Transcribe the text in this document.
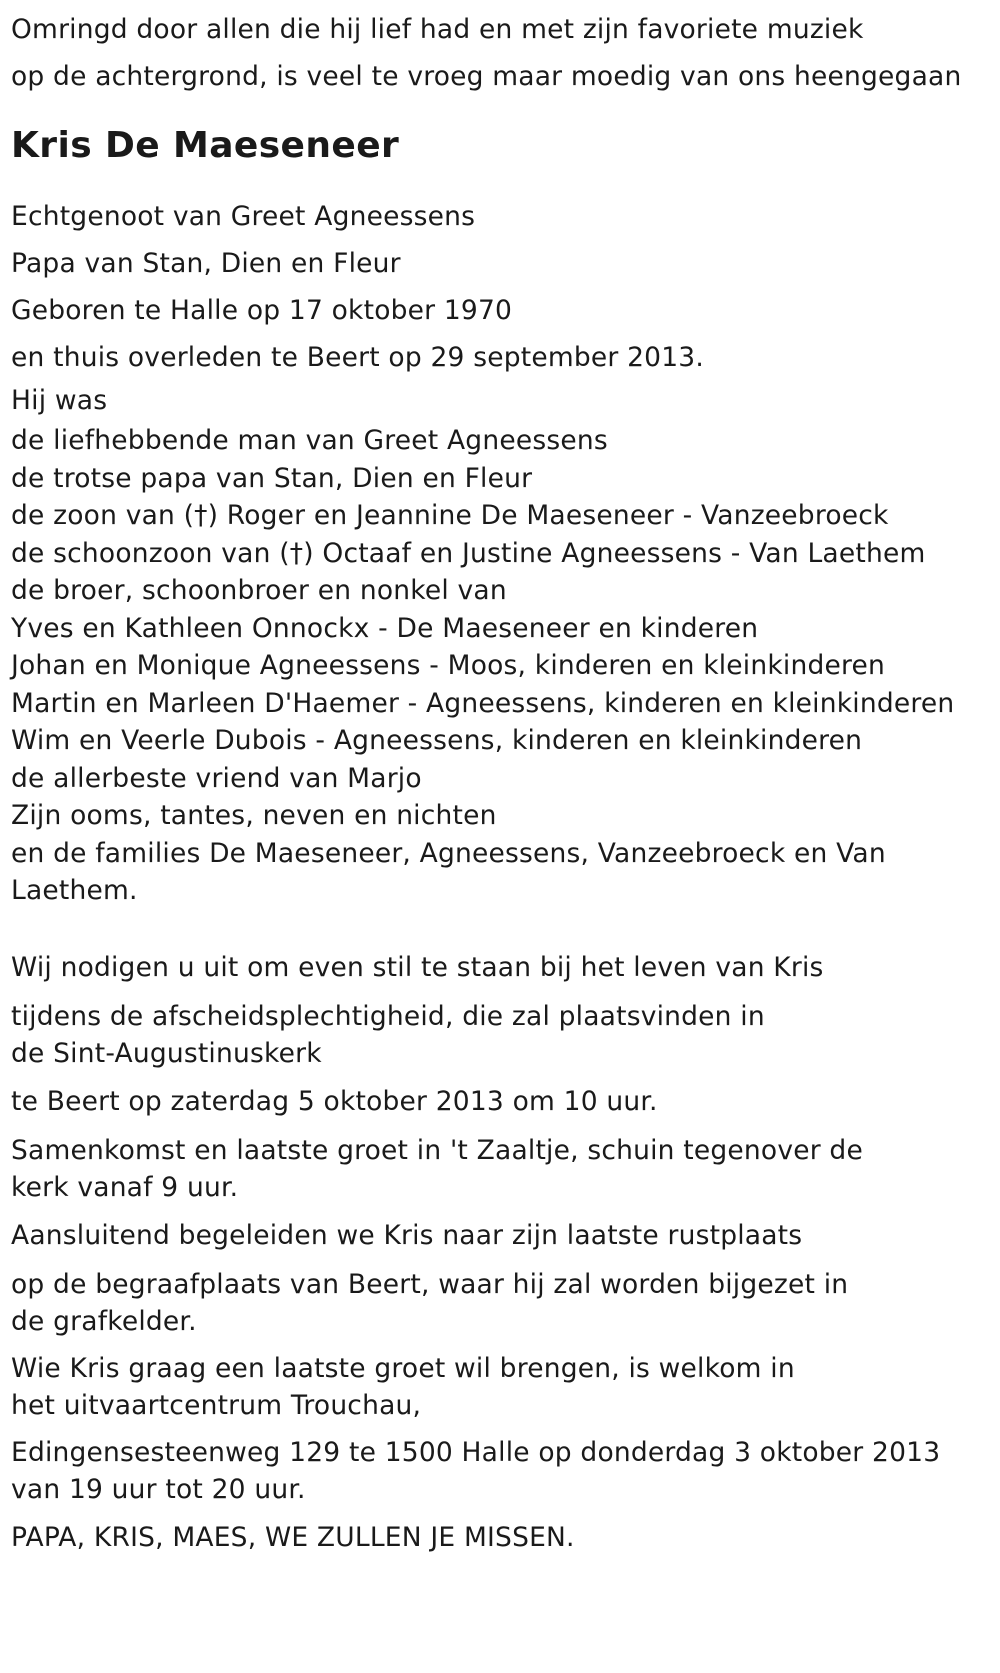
Omringd door allen die hij lief had en met zijn favoriete muziek
op de achtergrond, is veel te vroeg maar moedig van ons heengegaan
Kris De Maeseneer
Echtgenoot van Greet Agneessens
Papa van Stan, Dien en Fleur
Geboren te Halle op 17 oktober 1970
en thuis overleden te Beert op 29 september 2013.
Hij was
de liefhebbende man van Greet Agneessens
de trotse papa van Stan, Dien en Fleur
de zoon van (†) Roger en Jeannine De Maeseneer - Vanzeebroeck
de schoonzoon van (†) Octaaf en Justine Agneessens - Van Laethem
de broer, schoonbroer en nonkel van
Yves en Kathleen Onnockx - De Maeseneer en kinderen
Johan en Monique Agneessens - Moos, kinderen en kleinkinderen
Martin en Marleen D'Haemer - Agneessens, kinderen en kleinkinderen
Wim en Veerle Dubois - Agneessens, kinderen en kleinkinderen
de allerbeste vriend van Marjo
Zijn ooms, tantes, neven en nichten
en de families De Maeseneer, Agneessens, Vanzeebroeck en Van
Laethem.
Wij nodigen u uit om even stil te staan bij het leven van Kris
tijdens de afscheidsplechtigheid, die zal plaatsvinden in de Sint-Augustinuskerk
te Beert op zaterdag 5 oktober 2013 om 10 uur.
Samenkomst en laatste groet in 't Zaaltje, schuin tegenover de kerk vanaf 9 uur.
Aansluitend begeleiden we Kris naar zijn laatste rustplaats
op de begraafplaats van Beert, waar hij zal worden bijgezet in de grafkelder.
Wie Kris graag een laatste groet wil brengen, is welkom in het uitvaartcentrum Trouchau,
Edingensesteenweg 129 te 1500 Halle op donderdag 3 oktober 2013 van 19 uur tot 20 uur.
PAPA, KRIS, MAES, WE ZULLEN JE MISSEN.
